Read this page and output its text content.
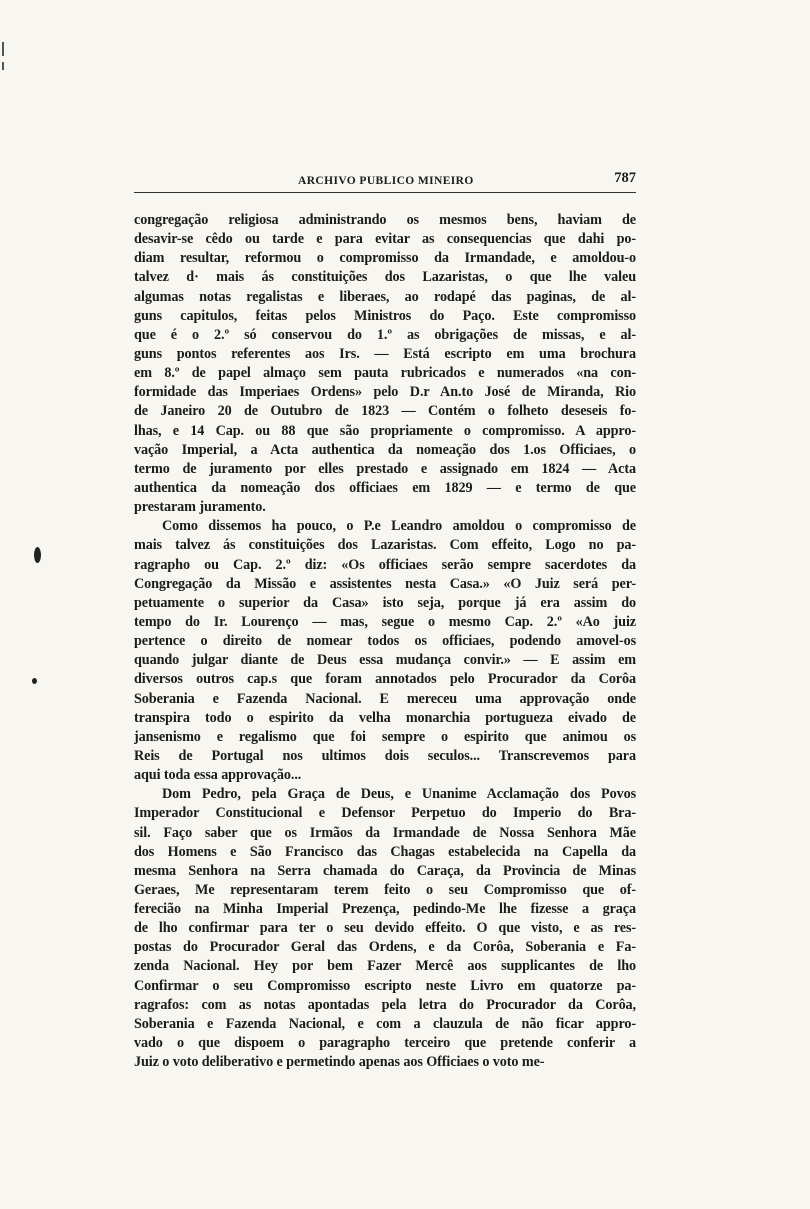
ARCHIVO PUBLICO MINEIRO	787
congregação religiosa administrando os mesmos bens, haviam de
desavir-se cêdo ou tarde e para evitar as consequencias que dahi po-
diam resultar, reformou o compromisso da Irmandade, e amoldou-o
talvez d· mais ás constituições dos Lazaristas, o que lhe valeu
algumas notas regalistas e liberaes, ao rodapé das paginas, de al-
guns capitulos, feitas pelos Ministros do Paço. Este compromisso
que é o 2.º só conservou do 1.º as obrigações de missas, e al-
guns pontos referentes aos Irs. — Está escripto em uma brochura
em 8.º de papel almaço sem pauta rubricados e numerados «na con-
formidade das Imperiaes Ordens» pelo D.r An.to José de Miranda, Rio
de Janeiro 20 de Outubro de 1823 — Contém o folheto deseseis fo-
lhas, e 14 Cap. ou 88 que são propriamente o compromisso. A appro-
vação Imperial, a Acta authentica da nomeação dos 1.os Officiaes, o
termo de juramento por elles prestado e assignado em 1824 — Acta
authentica da nomeação dos officiaes em 1829 — e termo de que
prestaram juramento.
Como dissemos ha pouco, o P.e Leandro amoldou o compromisso de
mais talvez ás constituições dos Lazaristas. Com effeito, Logo no pa-
ragrapho ou Cap. 2.º diz: «Os officiaes serão sempre sacerdotes da
Congregação da Missão e assistentes nesta Casa.» «O Juiz será per-
petuamente o superior da Casa» isto seja, porque já era assim do
tempo do Ir. Lourenço — mas, segue o mesmo Cap. 2.º «Ao juiz
pertence o direito de nomear todos os officiaes, podendo amovel-os
quando julgar diante de Deus essa mudança convir.» — E assim em
diversos outros cap.s que foram annotados pelo Procurador da Corôa
Soberania e Fazenda Nacional. E mereceu uma approvação onde
transpira todo o espirito da velha monarchia portugueza eivado de
jansenismo e regalismo que foi sempre o espirito que animou os
Reis de Portugal nos ultimos dois seculos... Transcrevemos para
aqui toda essa approvação...
Dom Pedro, pela Graça de Deus, e Unanime Acclamação dos Povos
Imperador Constitucional e Defensor Perpetuo do Imperio do Bra-
sil. Faço saber que os Irmãos da Irmandade de Nossa Senhora Mãe
dos Homens e São Francisco das Chagas estabelecida na Capella da
mesma Senhora na Serra chamada do Caraça, da Provincia de Minas
Geraes, Me representaram terem feito o seu Compromisso que of-
ferecião na Minha Imperial Prezença, pedindo-Me lhe fizesse a graça
de lho confirmar para ter o seu devido effeito. O que visto, e as res-
postas do Procurador Geral das Ordens, e da Corôa, Soberania e Fa-
zenda Nacional. Hey por bem Fazer Mercê aos supplicantes de lho
Confirmar o seu Compromisso escripto neste Livro em quatorze pa-
ragrafos: com as notas apontadas pela letra do Procurador da Corôa,
Soberania e Fazenda Nacional, e com a clauzula de não ficar appro-
vado o que dispoem o paragrapho terceiro que pretende conferir a
Juiz o voto deliberativo e permetindo apenas aos Officiaes o voto me-
